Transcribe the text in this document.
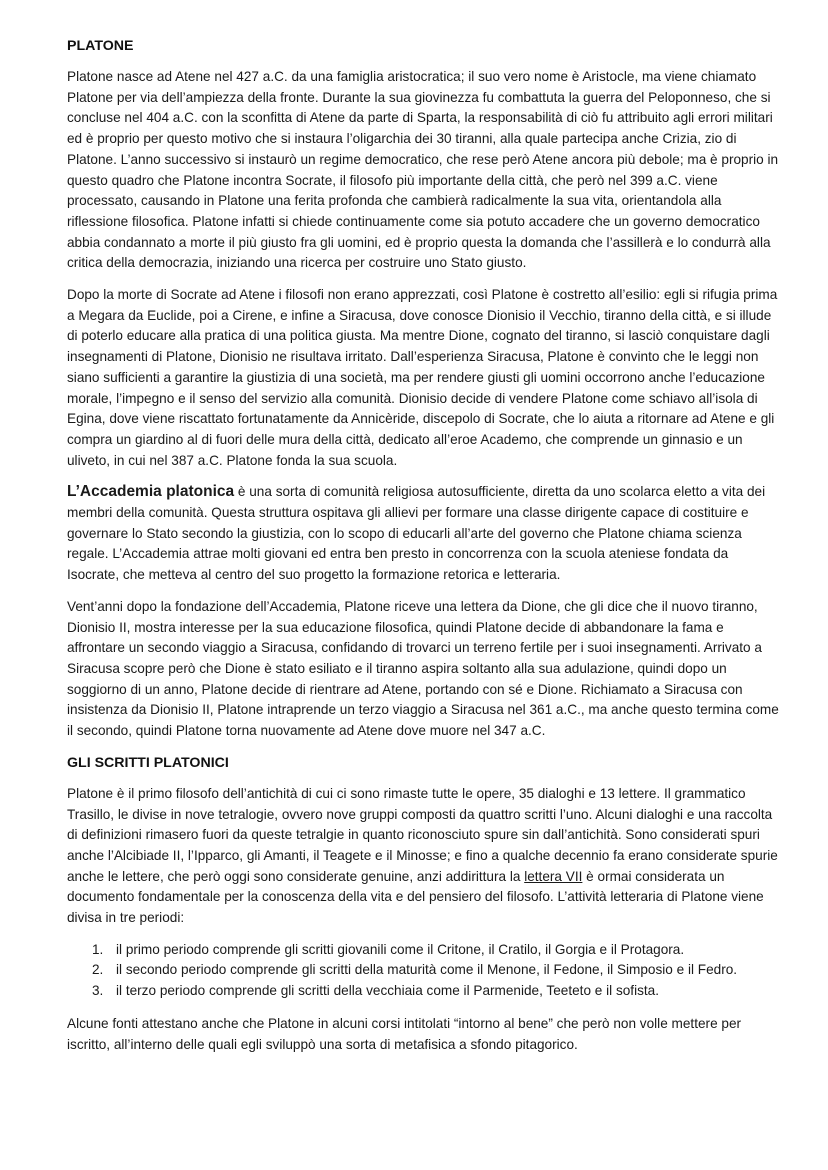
PLATONE

Platone nasce ad Atene nel 427 a.C. da una famiglia aristocratica; il suo vero nome è Aristocle, ma viene chiamato Platone per via dell’ampiezza della fronte. Durante la sua giovinezza fu combattuta la guerra del Peloponneso, che si concluse nel 404 a.C. con la sconfitta di Atene da parte di Sparta, la responsabilità di ciò fu attribuito agli errori militari ed è proprio per questo motivo che si instaura l’oligarchia dei 30 tiranni, alla quale partecipa anche Crizia, zio di Platone. L’anno successivo si instaurò un regime democratico, che rese però Atene ancora più debole; ma è proprio in questo quadro che Platone incontra Socrate, il filosofo più importante della città, che però nel 399 a.C. viene processato, causando in Platone una ferita profonda che cambierà radicalmente la sua vita, orientandola alla riflessione filosofica. Platone infatti si chiede continuamente come sia potuto accadere che un governo democratico abbia condannato a morte il più giusto fra gli uomini, ed è proprio questa la domanda che l’assillerà e lo condurrà alla critica della democrazia, iniziando una ricerca per costruire uno Stato giusto.

Dopo la morte di Socrate ad Atene i filosofi non erano apprezzati, così Platone è costretto all’esilio: egli si rifugia prima a Megara da Euclide, poi a Cirene, e infine a Siracusa, dove conosce Dionisio il Vecchio, tiranno della città, e si illude di poterlo educare alla pratica di una politica giusta. Ma mentre Dione, cognato del tiranno, si lasciò conquistare dagli insegnamenti di Platone, Dionisio ne risultava irritato. Dall’esperienza Siracusa, Platone è convinto che le leggi non siano sufficienti a garantire la giustizia di una società, ma per rendere giusti gli uomini occorrono anche l’educazione morale, l’impegno e il senso del servizio alla comunità. Dionisio decide di vendere Platone come schiavo all’isola di Egina, dove viene riscattato fortunatamente da Annicèride, discepolo di Socrate, che lo aiuta a ritornare ad Atene e gli compra un giardino al di fuori delle mura della città, dedicato all’eroe Academo, che comprende un ginnasio e un uliveto, in cui nel 387 a.C. Platone fonda la sua scuola.

L’Accademia platonica è una sorta di comunità religiosa autosufficiente, diretta da uno scolarca eletto a vita dei membri della comunità. Questa struttura ospitava gli allievi per formare una classe dirigente capace di costituire e governare lo Stato secondo la giustizia, con lo scopo di educarli all’arte del governo che Platone chiama scienza regale. L’Accademia attrae molti giovani ed entra ben presto in concorrenza con la scuola ateniese fondata da Isocrate, che metteva al centro del suo progetto la formazione retorica e letteraria.

Vent’anni dopo la fondazione dell’Accademia, Platone riceve una lettera da Dione, che gli dice che il nuovo tiranno, Dionisio II, mostra interesse per la sua educazione filosofica, quindi Platone decide di abbandonare la fama e affrontare un secondo viaggio a Siracusa, confidando di trovarci un terreno fertile per i suoi insegnamenti. Arrivato a Siracusa scopre però che Dione è stato esiliato e il tiranno aspira soltanto alla sua adulazione, quindi dopo un soggiorno di un anno, Platone decide di rientrare ad Atene, portando con sé e Dione. Richiamato a Siracusa con insistenza da Dionisio II, Platone intraprende un terzo viaggio a Siracusa nel 361 a.C., ma anche questo termina come il secondo, quindi Platone torna nuovamente ad Atene dove muore nel 347 a.C.

GLI SCRITTI PLATONICI

Platone è il primo filosofo dell’antichità di cui ci sono rimaste tutte le opere, 35 dialoghi e 13 lettere. Il grammatico Trasillo, le divise in nove tetralogie, ovvero nove gruppi composti da quattro scritti l’uno. Alcuni dialoghi e una raccolta di definizioni rimasero fuori da queste tetralgie in quanto riconosciuto spure sin dall’antichità. Sono considerati spuri anche l’Alcibiade II, l’Ipparco, gli Amanti, il Teagete e il Minosse; e fino a qualche decennio fa erano considerate spurie anche le lettere, che però oggi sono considerate genuine, anzi addirittura la lettera VII è ormai considerata un documento fondamentale per la conoscenza della vita e del pensiero del filosofo. L’attività letteraria di Platone viene divisa in tre periodi:

1. il primo periodo comprende gli scritti giovanili come il Critone, il Cratilo, il Gorgia e il Protagora.
2. il secondo periodo comprende gli scritti della maturità come il Menone, il Fedone, il Simposio e il Fedro.
3. il terzo periodo comprende gli scritti della vecchiaia come il Parmenide, Teeteto e il sofista.

Alcune fonti attestano anche che Platone in alcuni corsi intitolati “intorno al bene” che però non volle mettere per iscritto, all’interno delle quali egli sviluppò una sorta di metafisica a sfondo pitagorico.
